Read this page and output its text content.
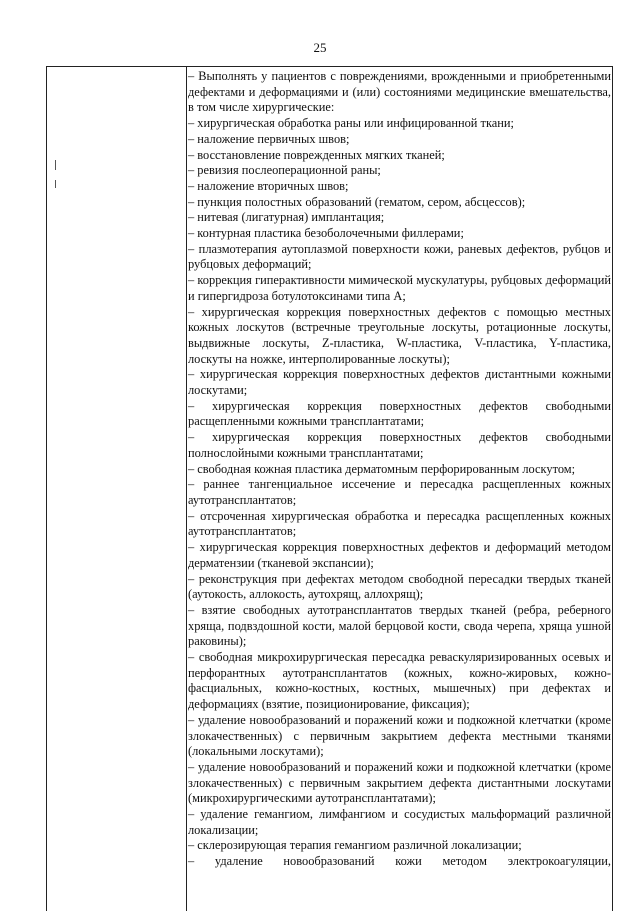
25
– Выполнять у пациентов с повреждениями, врожденными и приобретенными дефектами и деформациями и (или) состояниями медицинские вмешательства, в том числе хирургические:
– хирургическая обработка раны или инфицированной ткани;
– наложение первичных швов;
– восстановление поврежденных мягких тканей;
– ревизия послеоперационной раны;
– наложение вторичных швов;
– пункция полостных образований (гематом, сером, абсцессов);
– нитевая (лигатурная) имплантация;
– контурная пластика безоболочечными филлерами;
– плазмотерапия аутоплазмой поверхности кожи, раневых дефектов, рубцов и рубцовых деформаций;
– коррекция гиперактивности мимической мускулатуры, рубцовых деформаций и гипергидроза ботулотоксинами типа А;
– хирургическая коррекция поверхностных дефектов с помощью местных кожных лоскутов (встречные треугольные лоскуты, ротационные лоскуты, выдвижные лоскуты, Z-пластика, W-пластика, V-пластика, Y-пластика, лоскуты на ножке, интерполированные лоскуты);
– хирургическая коррекция поверхностных дефектов дистантными кожными лоскутами;
– хирургическая коррекция поверхностных дефектов свободными расщепленными кожными трансплантатами;
– хирургическая коррекция поверхностных дефектов свободными полнослойными кожными трансплантатами;
– свободная кожная пластика дерматомным перфорированным лоскутом;
– раннее тангенциальное иссечение и пересадка расщепленных кожных аутотрансплантатов;
– отсроченная хирургическая обработка и пересадка расщепленных кожных аутотрансплантатов;
– хирургическая коррекция поверхностных дефектов и деформаций методом дерматензии (тканевой экспансии);
– реконструкция при дефектах методом свободной пересадки твердых тканей (аутокость, аллокость, аутохрящ, аллохрящ);
– взятие свободных аутотрансплантатов твердых тканей (ребра, реберного хряща, подвздошной кости, малой берцовой кости, свода черепа, хряща ушной раковины);
– свободная микрохирургическая пересадка реваскуляризированных осевых и перфорантных аутотрансплантатов (кожных, кожно-жировых, кожно-фасциальных, кожно-костных, костных, мышечных) при дефектах и деформациях (взятие, позиционирование, фиксация);
– удаление новообразований и поражений кожи и подкожной клетчатки (кроме злокачественных) с первичным закрытием дефекта местными тканями (локальными лоскутами);
– удаление новообразований и поражений кожи и подкожной клетчатки (кроме злокачественных) с первичным закрытием дефекта дистантными лоскутами (микрохирургическими аутотрансплантатами);
– удаление гемангиом, лимфангиом и сосудистых мальформаций различной локализации;
– склерозирующая терапия гемангиом различной локализации;
– удаление новообразований кожи методом электрокоагуляции,
